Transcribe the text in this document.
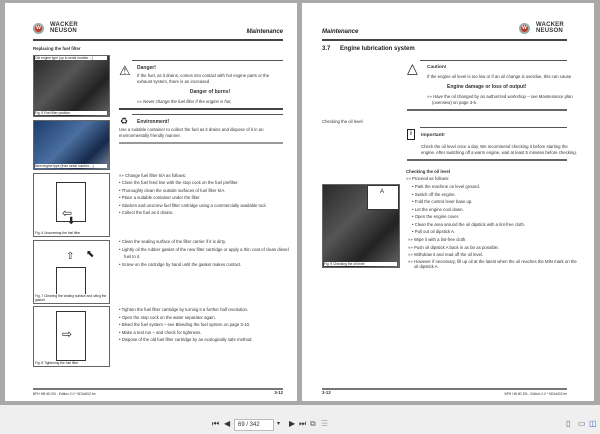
w	WACKER NEUSON	Maintenance
Replacing the fuel filter
Old engine type (up to serial number ...)
Fig. 5 Fuel filter position
New engine type (from serial number ...)
⇦
⬇
Fig. 6 Unscrewing the fuel filter
⇧ ⬉
Fig. 7 Cleaning the sealing surface and oiling the gasket
⇨
Fig. 8 Tightening the fuel filter
⚠ Danger!
If the fuel, as it drains, comes into contact with hot engine parts or the exhaust system, there is an increased
Danger of burns!
»» Never change the fuel filter if the engine is hot.
♻ Environment!
Use a suitable container to collect the fuel as it drains and dispose of it in an environmentally friendly manner.
»» Change fuel filter 6/A as follows:
• Close the fuel feed line with the stop cock on the fuel prefilter.
• Thoroughly clean the outside surfaces of fuel filter 6/A.
• Place a suitable container under the filter.
• Slacken and unscrew fuel filter cartridge using a commercially available tool.
• Collect the fuel as it drains.
• Clean the sealing surface of the filter carrier if it is dirty.
• Lightly oil the rubber gasket of the new filter cartridge or apply a thin coat of clean diesel
fuel to it.
• Screw on the cartridge by hand until the gasket makes contact.
• Tighten the fuel filter cartridge by turning it a further half revolution.
• Open the stop cock on the water separator again.
• Bleed the fuel system – see Bleeding the fuel system on page 3-10.
• Make a test run – and check for tightness.
• Dispose of the old fuel filter cartridge by an ecologically safe method.
BPH HB 6D EN - Edition 2.0 * 6D3a302.fm	3-12
Maintenance
w	WACKER NEUSON
3.7 Engine lubrication system
△ Caution!
If the engine oil level is too low or if an oil change is overdue, this can cause
Engine damage or loss of output!
»» Have the oil changed by an authorized workshop – see Maintenance plan
(overview) on page 3-5.
Checking the oil level
i	Important!
Check the oil level once a day. We recommend checking it before starting the
engine. After switching off a warm engine, wait at least 5 minutes before checking.
Checking the oil level
»» Proceed as follows:
• Park the machine on level ground.
• Switch off the engine.
• Fold the control lever base up.
• Let the engine cool down.
• Open the engine cover.
• Clean the area around the oil dipstick with a lint-free cloth.
• Pull out oil dipstick A.
»» Wipe it with a lint-free cloth.
»» Push oil dipstick A back in as far as possible.
»» Withdraw it and read off the oil level.
»» However if necessary, fill up oil at the latest when the oil reaches the MIN mark on the
oil dipstick A.
A
Fig. 9 Checking the oil level
3-13	BPH HB 6D EN - Edition 2.0 * 6D3a302.fm
⏮ ◀	69 / 342	▾ ▶ ⏭ ⧉ ☰	▯ ▭ ◫
